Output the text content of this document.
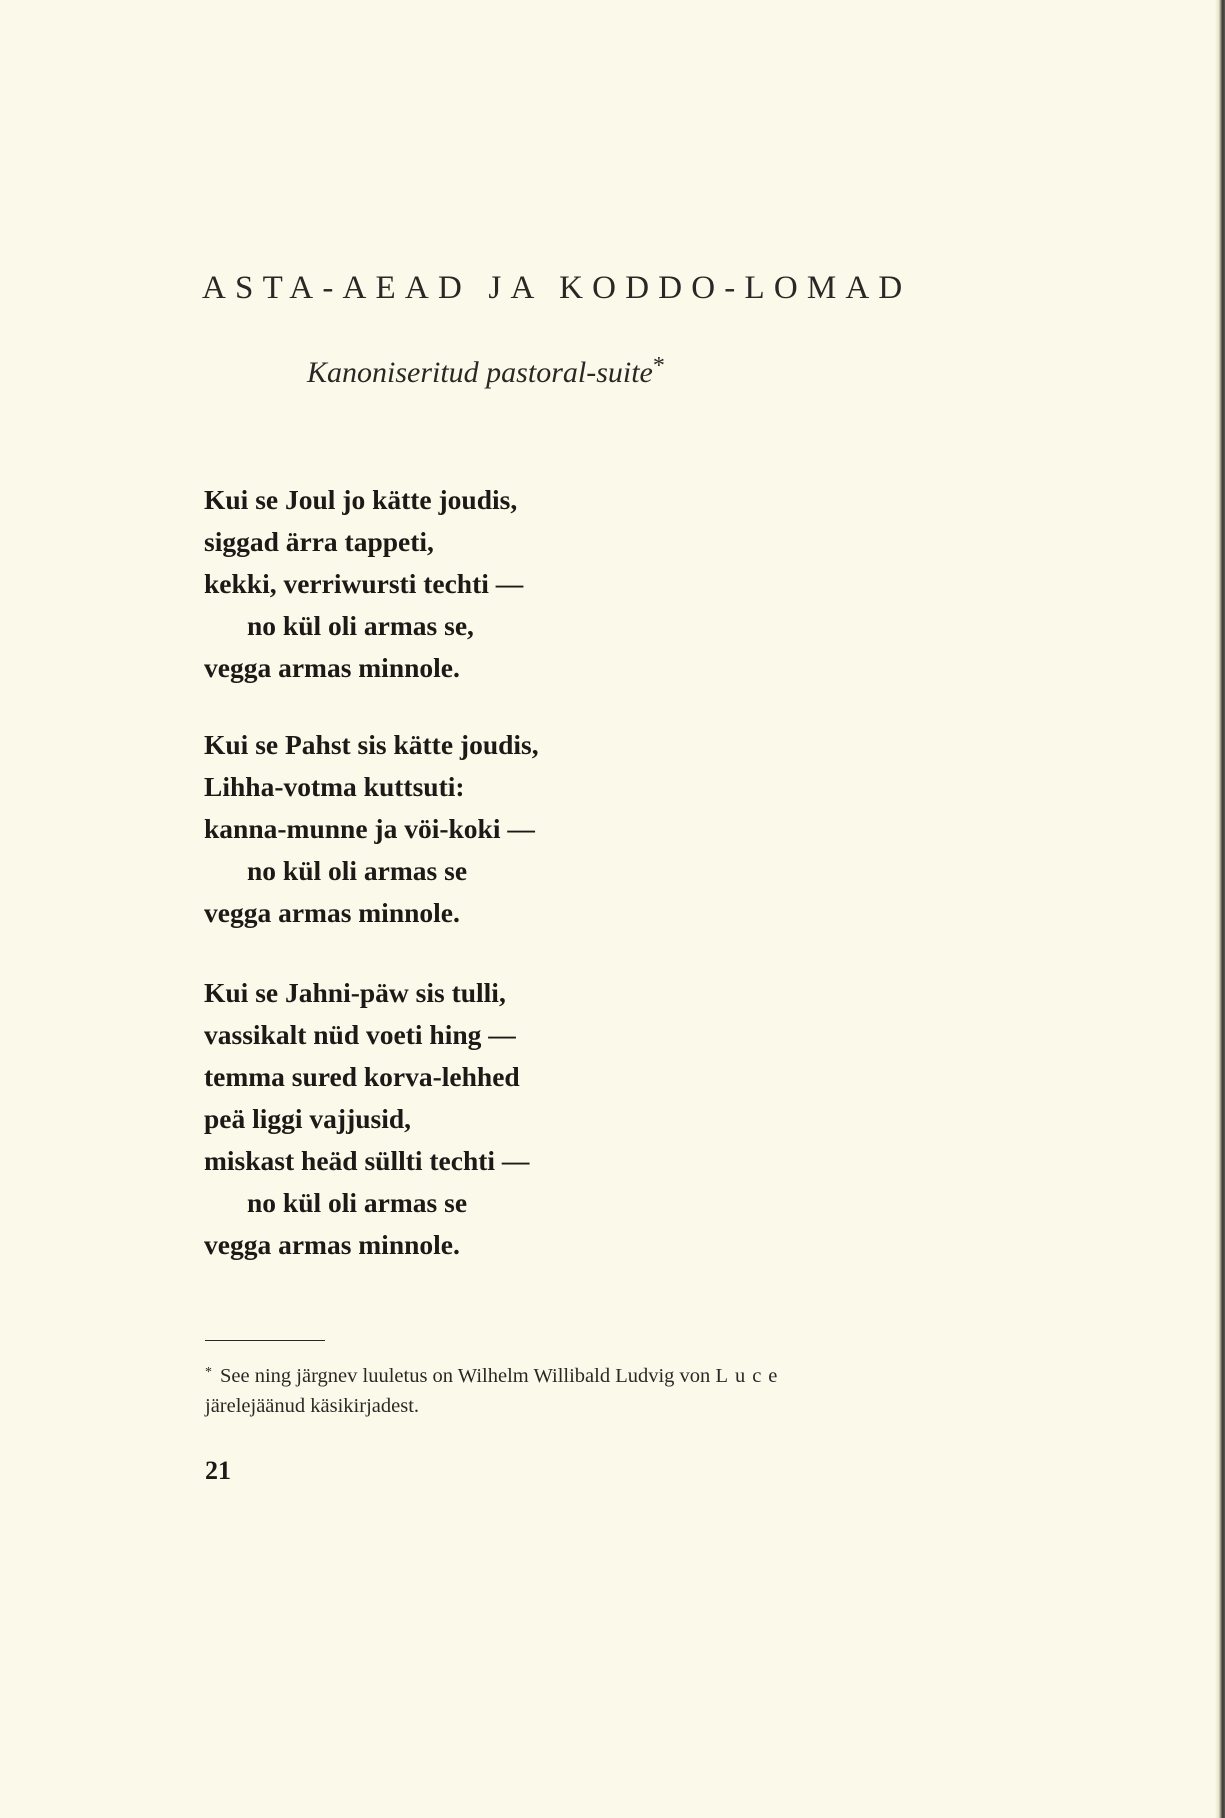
ASTA-AEAD JA KODDO-LOMAD
Kanoniseritud pastoral-suite*
Kui se Joul jo kätte joudis,
siggad ärra tappeti,
kekki, verriwursti techti —
no kül oli armas se,
vegga armas minnole.
Kui se Pahst sis kätte joudis,
Lihha-votma kuttsuti:
kanna-munne ja vöi-koki —
no kül oli armas se
vegga armas minnole.
Kui se Jahni-päw sis tulli,
vassikalt nüd voeti hing —
temma sured korva-lehhed
peä liggi vajjusid,
miskast heäd süllti techti —
no kül oli armas se
vegga armas minnole.
* See ning järgnev luuletus on Wilhelm Willibald Ludvig von Luce
järelejäänud käsikirjadest.
21
